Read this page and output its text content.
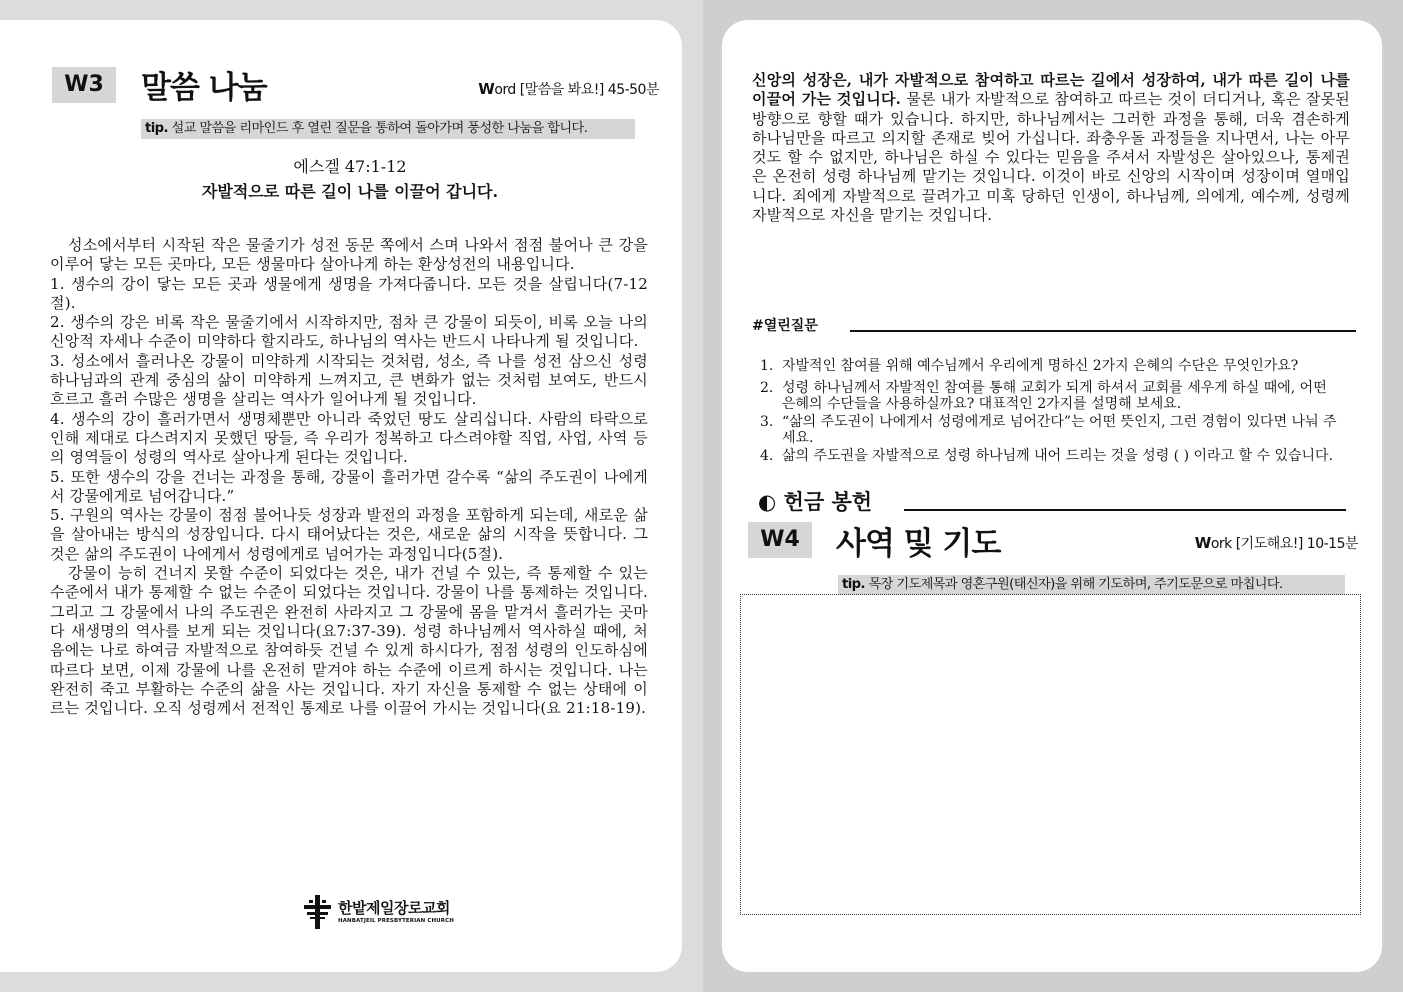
W3	말씀 나눔	Word [말씀을 봐요!] 45-50분
tip. 설교 말씀을 리마인드 후 열린 질문을 통하여 돌아가며 풍성한 나눔을 합니다.
에스겔 47:1-12
자발적으로 따른 길이 나를 이끌어 갑니다.

성소에서부터 시작된 작은 물줄기가 성전 동문 쪽에서 스며 나와서 점점 불어나 큰 강을 이루어 닿는 모든 곳마다, 모든 생물마다 살아나게 하는 환상성전의 내용입니다.

1. 생수의 강이 닿는 모든 곳과 생물에게 생명을 가져다줍니다. 모든 것을 살립니다(7-12절).

2. 생수의 강은 비록 작은 물줄기에서 시작하지만, 점차 큰 강물이 되듯이, 비록 오늘 나의 신앙적 자세나 수준이 미약하다 할지라도, 하나님의 역사는 반드시 나타나게 될 것입니다.

3. 성소에서 흘러나온 강물이 미약하게 시작되는 것처럼, 성소, 즉 나를 성전 삼으신 성령 하나님과의 관계 중심의 삶이 미약하게 느껴지고, 큰 변화가 없는 것처럼 보여도, 반드시 흐르고 흘러 수많은 생명을 살리는 역사가 일어나게 될 것입니다.

4. 생수의 강이 흘러가면서 생명체뿐만 아니라 죽었던 땅도 살리십니다. 사람의 타락으로 인해 제대로 다스려지지 못했던 땅들, 즉 우리가 정복하고 다스려야할 직업, 사업, 사역 등의 영역들이 성령의 역사로 살아나게 된다는 것입니다.

5. 또한 생수의 강을 건너는 과정을 통해, 강물이 흘러가면 갈수록 “삶의 주도권이 나에게서 강물에게로 넘어갑니다.”

5. 구원의 역사는 강물이 점점 불어나듯 성장과 발전의 과정을 포함하게 되는데, 새로운 삶을 살아내는 방식의 성장입니다. 다시 태어났다는 것은, 새로운 삶의 시작을 뜻합니다. 그것은 삶의 주도권이 나에게서 성령에게로 넘어가는 과정입니다(5절).

강물이 능히 건너지 못할 수준이 되었다는 것은, 내가 건널 수 있는, 즉 통제할 수 있는 수준에서 내가 통제할 수 없는 수준이 되었다는 것입니다. 강물이 나를 통제하는 것입니다. 그리고 그 강물에서 나의 주도권은 완전히 사라지고 그 강물에 몸을 맡겨서 흘러가는 곳마다 새생명의 역사를 보게 되는 것입니다(요7:37-39). 성령 하나님께서 역사하실 때에, 처음에는 나로 하여금 자발적으로 참여하듯 건널 수 있게 하시다가, 점점 성령의 인도하심에 따르다 보면, 이제 강물에 나를 온전히 맡겨야 하는 수준에 이르게 하시는 것입니다. 나는 완전히 죽고 부활하는 수준의 삶을 사는 것입니다. 자기 자신을 통제할 수 없는 상태에 이르는 것입니다. 오직 성령께서 전적인 통제로 나를 이끌어 가시는 것입니다(요 21:18-19).

한밭제일장로교회
HANBATJEIL PRESBYTERIAN CHURCH
신앙의 성장은, 내가 자발적으로 참여하고 따르는 길에서 성장하여, 내가 따른 길이 나를 이끌어 가는 것입니다. 물론 내가 자발적으로 참여하고 따르는 것이 더디거나, 혹은 잘못된 방향으로 향할 때가 있습니다. 하지만, 하나님께서는 그러한 과정을 통해, 더욱 겸손하게 하나님만을 따르고 의지할 존재로 빚어 가십니다. 좌충우돌 과정들을 지나면서, 나는 아무 것도 할 수 없지만, 하나님은 하실 수 있다는 믿음을 주셔서 자발성은 살아있으나, 통제권은 온전히 성령 하나님께 맡기는 것입니다. 이것이 바로 신앙의 시작이며 성장이며 열매입니다. 죄에게 자발적으로 끌려가고 미혹 당하던 인생이, 하나님께, 의에게, 예수께, 성령께 자발적으로 자신을 맡기는 것입니다.
#열린질문
1. 자발적인 참여를 위해 예수님께서 우리에게 명하신 2가지 은혜의 수단은 무엇인가요?
2. 성령 하나님께서 자발적인 참여를 통해 교회가 되게 하셔서 교회를 세우게 하실 때에, 어떤 은혜의 수단들을 사용하실까요? 대표적인 2가지를 설명해 보세요.
3. “삶의 주도권이 나에게서 성령에게로 넘어간다”는 어떤 뜻인지, 그런 경험이 있다면 나눠 주세요.
4. 삶의 주도권을 자발적으로 성령 하나님께 내어 드리는 것을 성령 ( ) 이라고 할 수 있습니다.
◐ 헌금 봉헌
W4	사역 및 기도	Work [기도해요!] 10-15분
tip. 목장 기도제목과 영혼구원(태신자)을 위해 기도하며, 주기도문으로 마칩니다.
